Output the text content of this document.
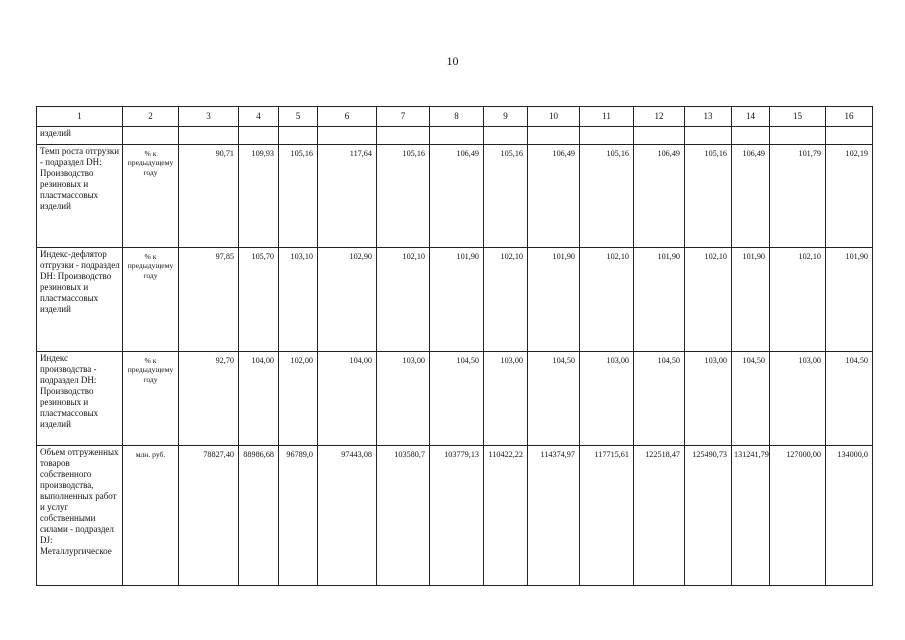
10
1	2	3	4	5	6	7	8	9	10	11	12	13	14	15	16
изделий															
Темп роста отгрузки - подраздел DH: Производство резиновых и пластмассовых изделий	% к предыдущему году	90,71	109,93	105,16	117,64	105,16	106,49	105,16	106,49	105,16	106,49	105,16	106,49	101,79	102,19
Индекс-дефлятор отгрузки - подраздел DH: Производство резиновых и пластмассовых изделий	% к предыдущему году	97,85	105,70	103,10	102,90	102,10	101,90	102,10	101,90	102,10	101,90	102,10	101,90	102,10	101,90
Индекс производства - подраздел DH: Производство резиновых и пластмассовых изделий	% к предыдущему году	92,70	104,00	102,00	104,00	103,00	104,50	103,00	104,50	103,00	104,50	103,00	104,50	103,00	104,50
Объем отгруженных товаров собственного производства, выполненных работ и услуг собственными силами - подраздел DJ: Металлургическое	млн. руб.	78827,40	88986,68	96789,0	97443,08	103580,7	103779,13	110422,22	114374,97	117715,61	122518,47	125490,73	131241,79	127000,00	134000,0
